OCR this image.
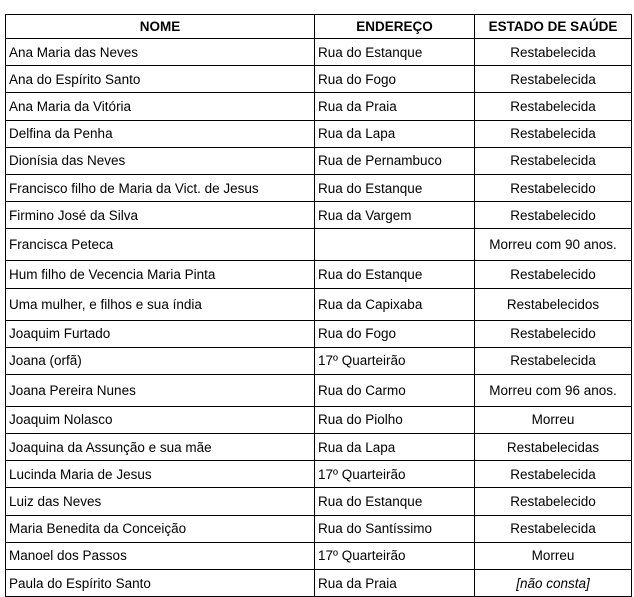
NOME	ENDEREÇO	ESTADO DE SAÚDE
Ana Maria das Neves	Rua do Estanque	Restabelecida
Ana do Espírito Santo	Rua do Fogo	Restabelecida
Ana Maria da Vitória	Rua da Praia	Restabelecida
Delfina da Penha	Rua da Lapa	Restabelecida
Dionísia das Neves	Rua de Pernambuco	Restabelecida
Francisco filho de Maria da Vict. de Jesus	Rua do Estanque	Restabelecido
Firmino José da Silva	Rua da Vargem	Restabelecido
Francisca Peteca		Morreu com 90 anos.
Hum filho de Vecencia Maria Pinta	Rua do Estanque	Restabelecido
Uma mulher, e filhos e sua índia	Rua da Capixaba	Restabelecidos
Joaquim Furtado	Rua do Fogo	Restabelecido
Joana (orfã)	17º Quarteirão	Restabelecida
Joana Pereira Nunes	Rua do Carmo	Morreu com 96 anos.
Joaquim Nolasco	Rua do Piolho	Morreu
Joaquina da Assunção e sua mãe	Rua da Lapa	Restabelecidas
Lucinda Maria de Jesus	17º Quarteirão	Restabelecida
Luiz das Neves	Rua do Estanque	Restabelecido
Maria Benedita da Conceição	Rua do Santíssimo	Restabelecida
Manoel dos Passos	17º Quarteirão	Morreu
Paula do Espírito Santo	Rua da Praia	[não consta]
